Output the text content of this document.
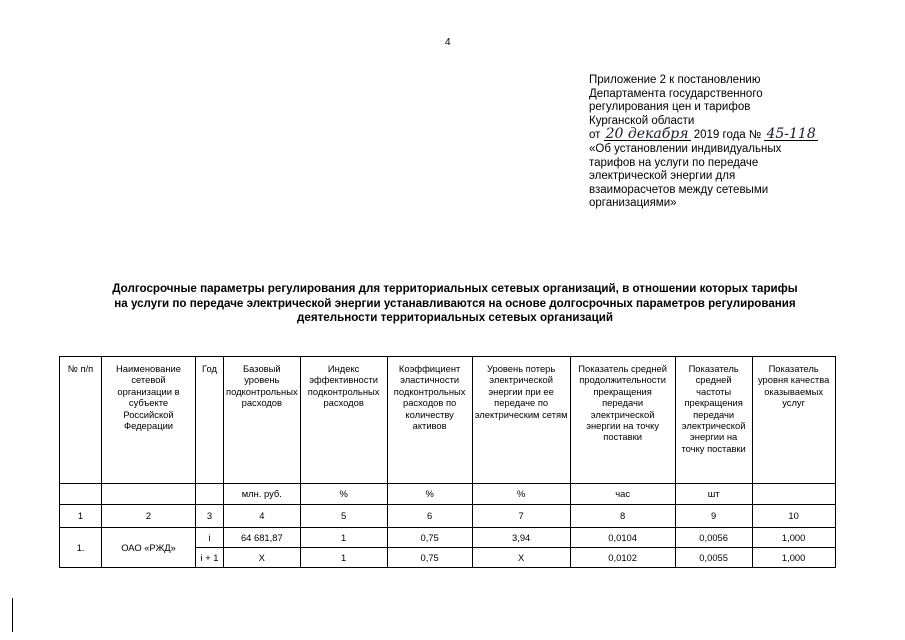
4
Приложение 2 к постановлению
Департамента государственного
регулирования цен и тарифов
Курганской области
от 20 декабря 2019 года № 45-118
«Об установлении индивидуальных
тарифов на услуги по передаче
электрической энергии для
взаиморасчетов между сетевыми
организациями»
Долгосрочные параметры регулирования для территориальных сетевых организаций, в отношении которых тарифы
на услуги по передаче электрической энергии устанавливаются на основе долгосрочных параметров регулирования
деятельности территориальных сетевых организаций
№ п/п	Наименование сетевой организации в субъекте Российской Федерации	Год	Базовый уровень подконтрольных расходов	Индекс эффективности подконтрольных расходов	Коэффициент эластичности подконтрольных расходов по количеству активов	Уровень потерь электрической энергии при ее передаче по электрическим сетям	Показатель средней продолжительности прекращения передачи электрической энергии на точку поставки	Показатель средней частоты прекращения передачи электрической энергии на точку поставки	Показатель уровня качества оказываемых услуг
			млн. руб.	%	%	%	час	шт	
1	2	3	4	5	6	7	8	9	10
1.	ОАО «РЖД»	i	64 681,87	1	0,75	3,94	0,0104	0,0056	1,000
		i + 1	Х	1	0,75	Х	0,0102	0,0055	1,000
